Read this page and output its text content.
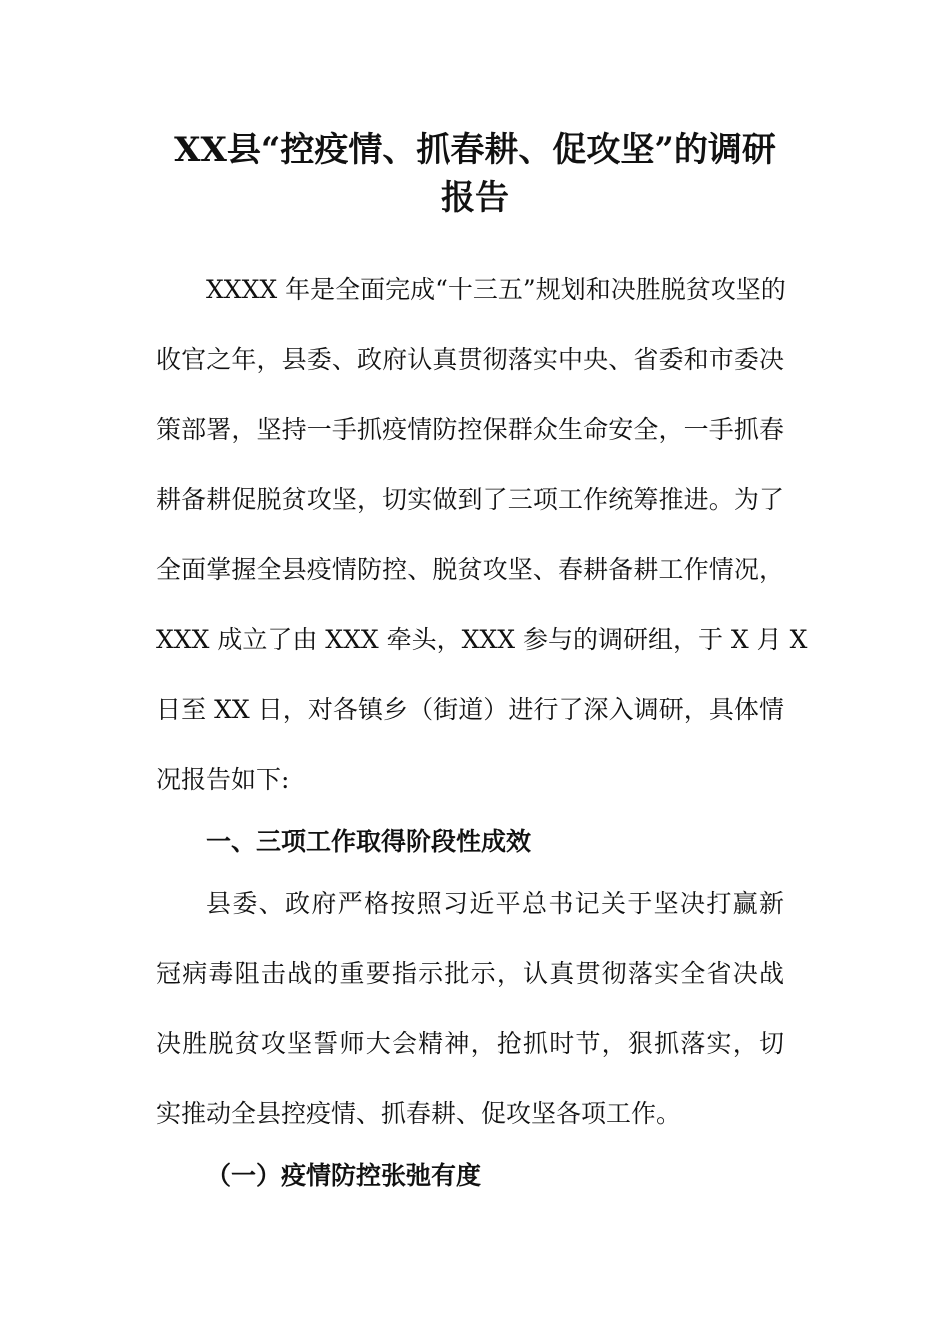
XX县“控疫情、抓春耕、促攻坚”的调研
报告

XXXX 年是全面完成“十三五”规划和决胜脱贫攻坚的

收官之年，县委、政府认真贯彻落实中央、省委和市委决

策部署，坚持一手抓疫情防控保群众生命安全，一手抓春

耕备耕促脱贫攻坚，切实做到了三项工作统筹推进。为了

全面掌握全县疫情防控、脱贫攻坚、春耕备耕工作情况，

XXX 成立了由 XXX 牵头，XXX 参与的调研组，于 X 月 X

日至 XX 日，对各镇乡（街道）进行了深入调研，具体情

况报告如下:

一、三项工作取得阶段性成效

县委、政府严格按照习近平总书记关于坚决打赢新

冠病毒阻击战的重要指示批示，认真贯彻落实全省决战

决胜脱贫攻坚誓师大会精神，抢抓时节，狠抓落实，切

实推动全县控疫情、抓春耕、促攻坚各项工作。

（一）疫情防控张弛有度
